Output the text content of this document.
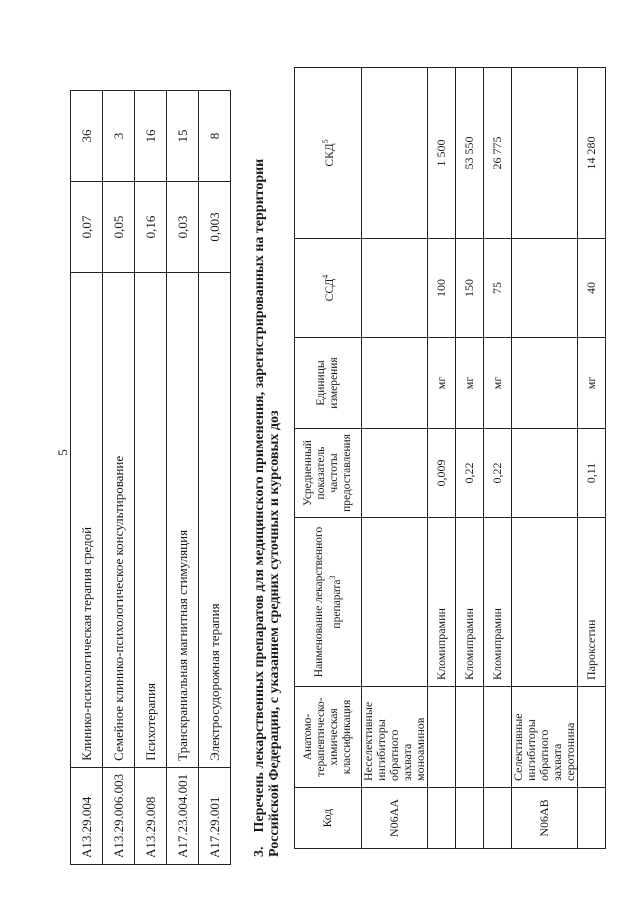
5
A13.29.004	Клинико-психологическая терапия средой	0,07	36
A13.29.006.003	Семейное клинико-психологическое консультирование	0,05	3
A13.29.008	Психотерапия	0,16	16
A17.23.004.001	Транскраниальная магнитная стимуляция	0,03	15
A17.29.001	Электросудорожная терапия	0,003	8
3.Перечень лекарственных препаратов для медицинского применения, зарегистрированных на территории Российской Федерации, с указанием средних суточных и курсовых доз	Код	Анатомо-терапевтическо-химическая классификация	Наименование лекарственного препарата$^3$	Усредненный показатель частоты предоставления	Единицы измерения	ССД$^4$	СКД$^5$
N06AA	Неселективные ингибиторы обратного захвата моноаминов					
		Кломипрамин	0,009	мг	100	1 500
		Кломипрамин	0,22	мг	150	53 550
		Кломипрамин	0,22	мг	75	26 775
N06AB	Селективные ингибиторы обратного захвата серотонина					
		Пароксетин	0,11	мг	40	14 280
